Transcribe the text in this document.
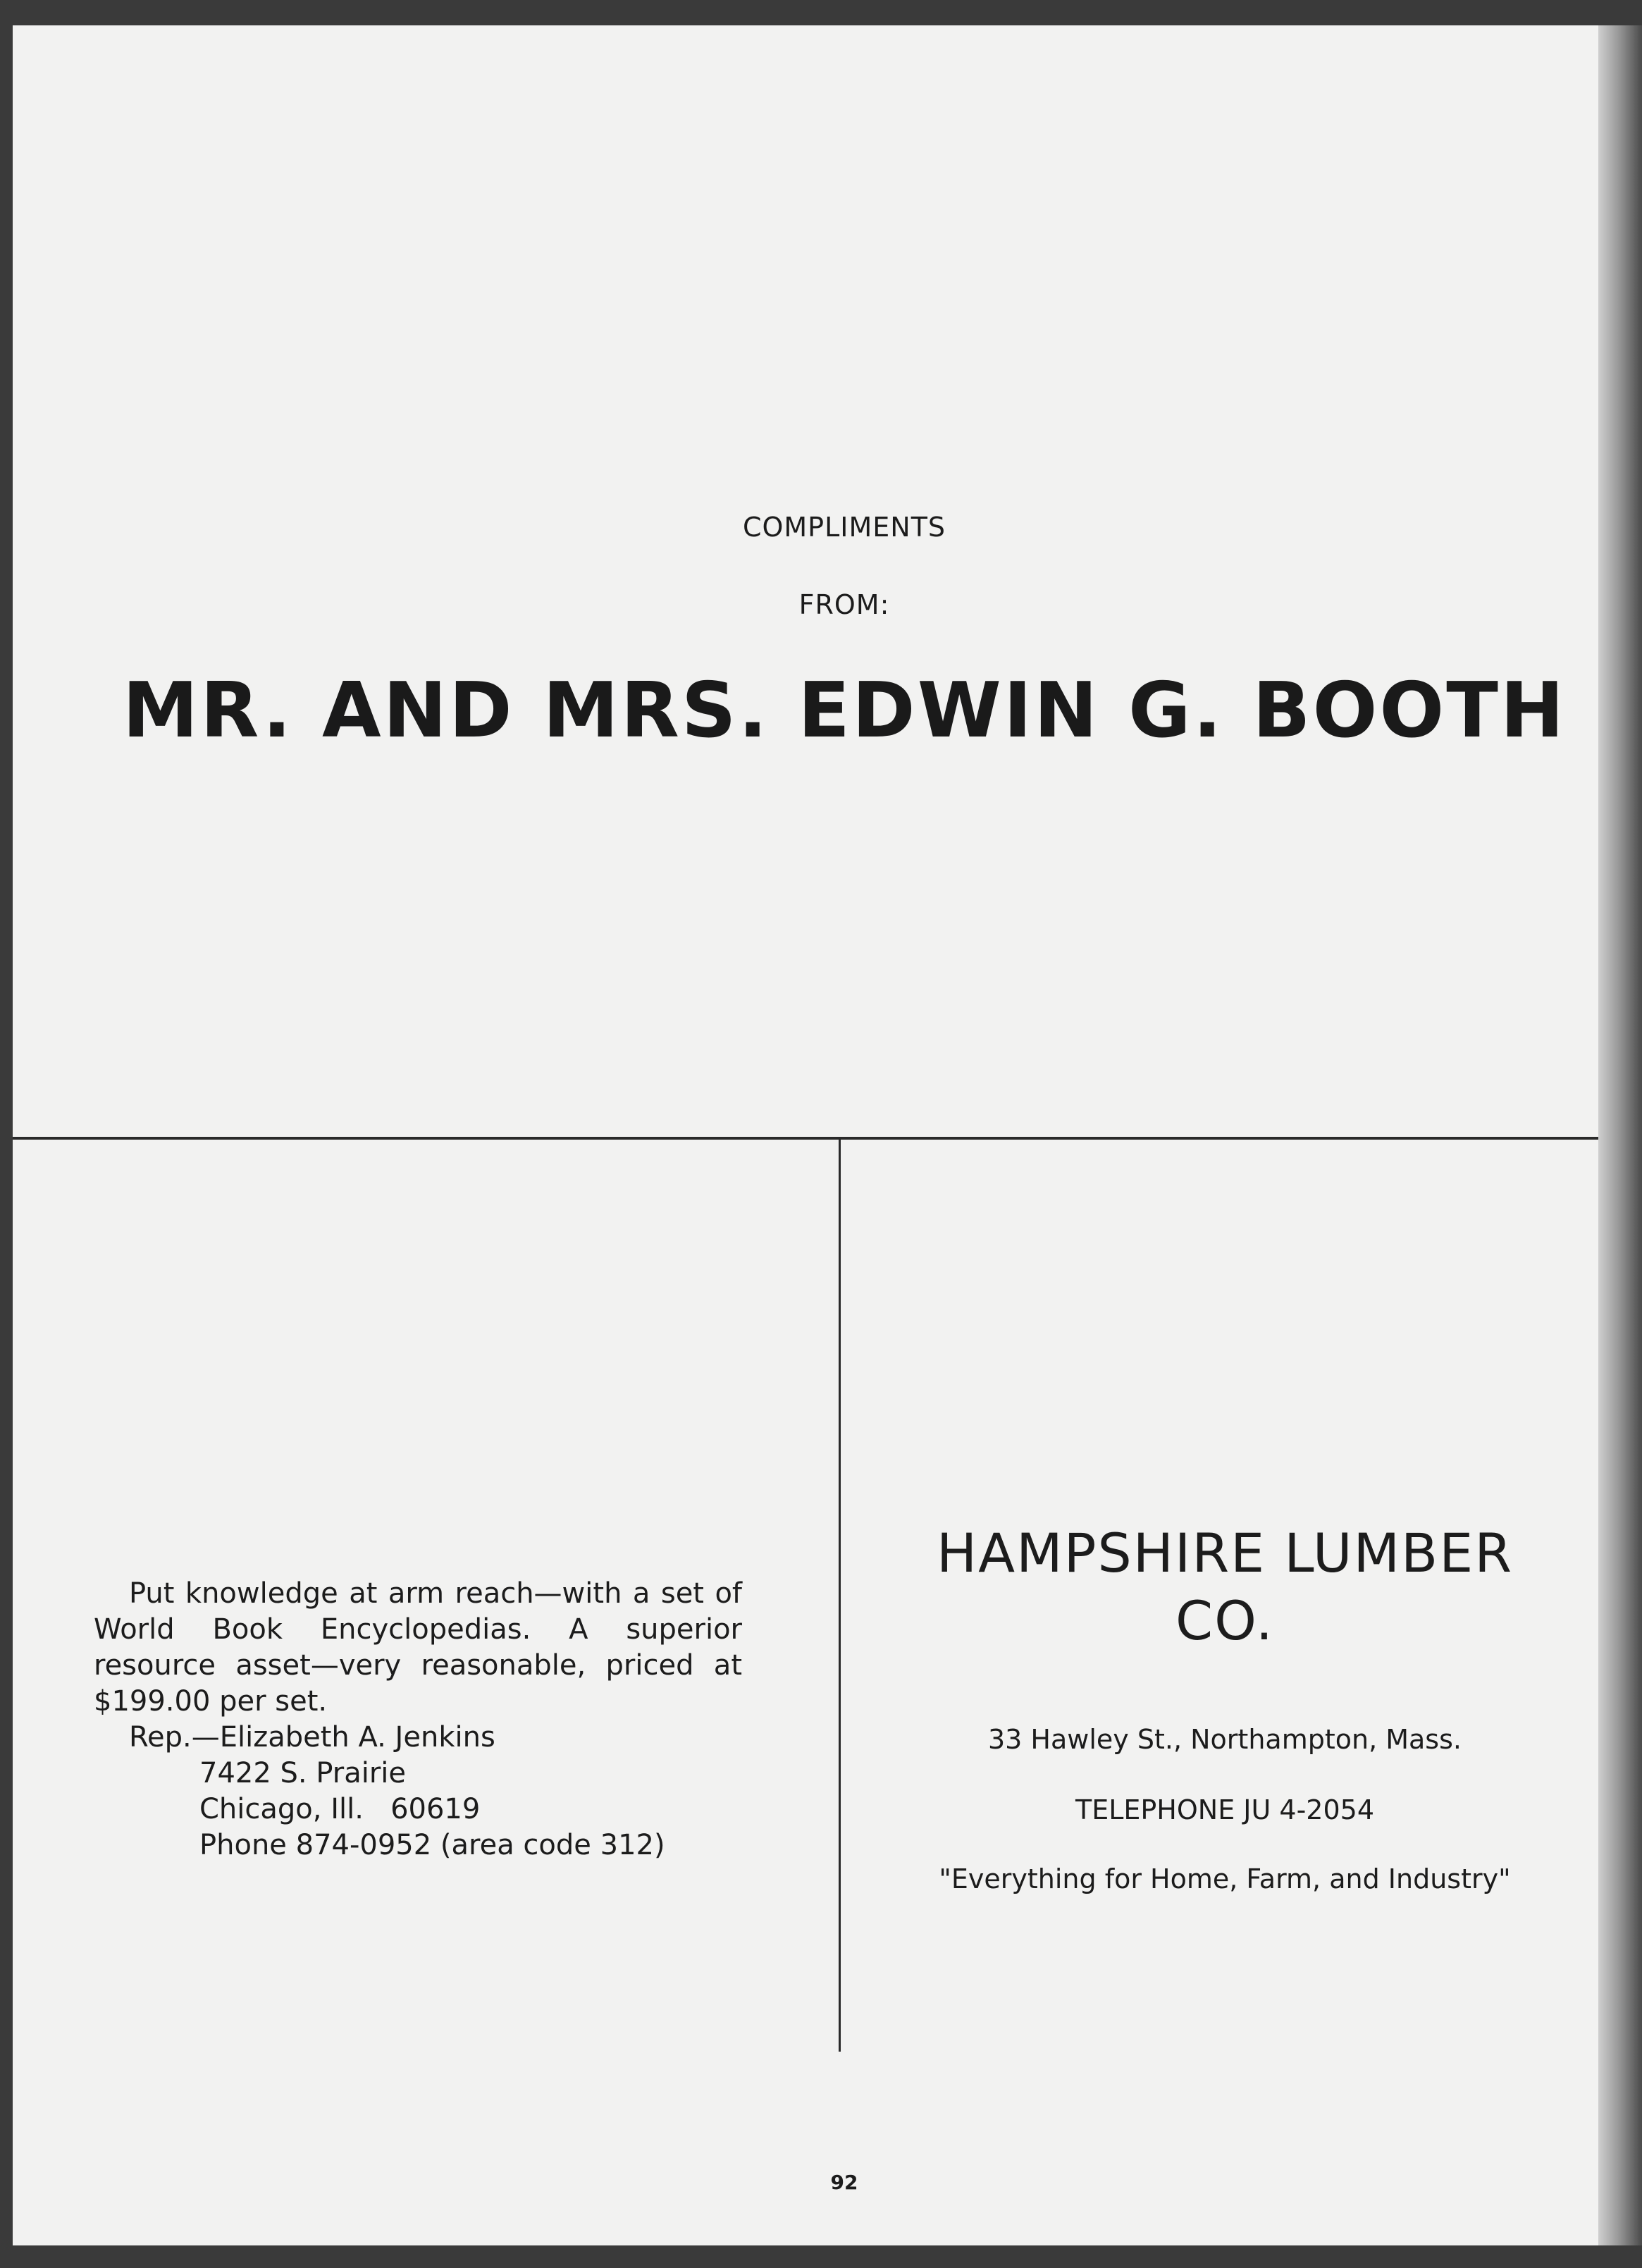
COMPLIMENTS
FROM:
MR. AND MRS. EDWIN G. BOOTH

Put knowledge at arm reach—with a set of World Book Encyclopedias. A superior resource asset—very reasonable, priced at $199.00 per set.

Rep.—Elizabeth A. Jenkins

7422 S. Prairie

Chicago, Ill.   60619

Phone 874-0952 (area code 312)

HAMPSHIRE LUMBER
CO.
33 Hawley St., Northampton, Mass.
TELEPHONE JU 4-2054
"Everything for Home, Farm, and Industry"
92
